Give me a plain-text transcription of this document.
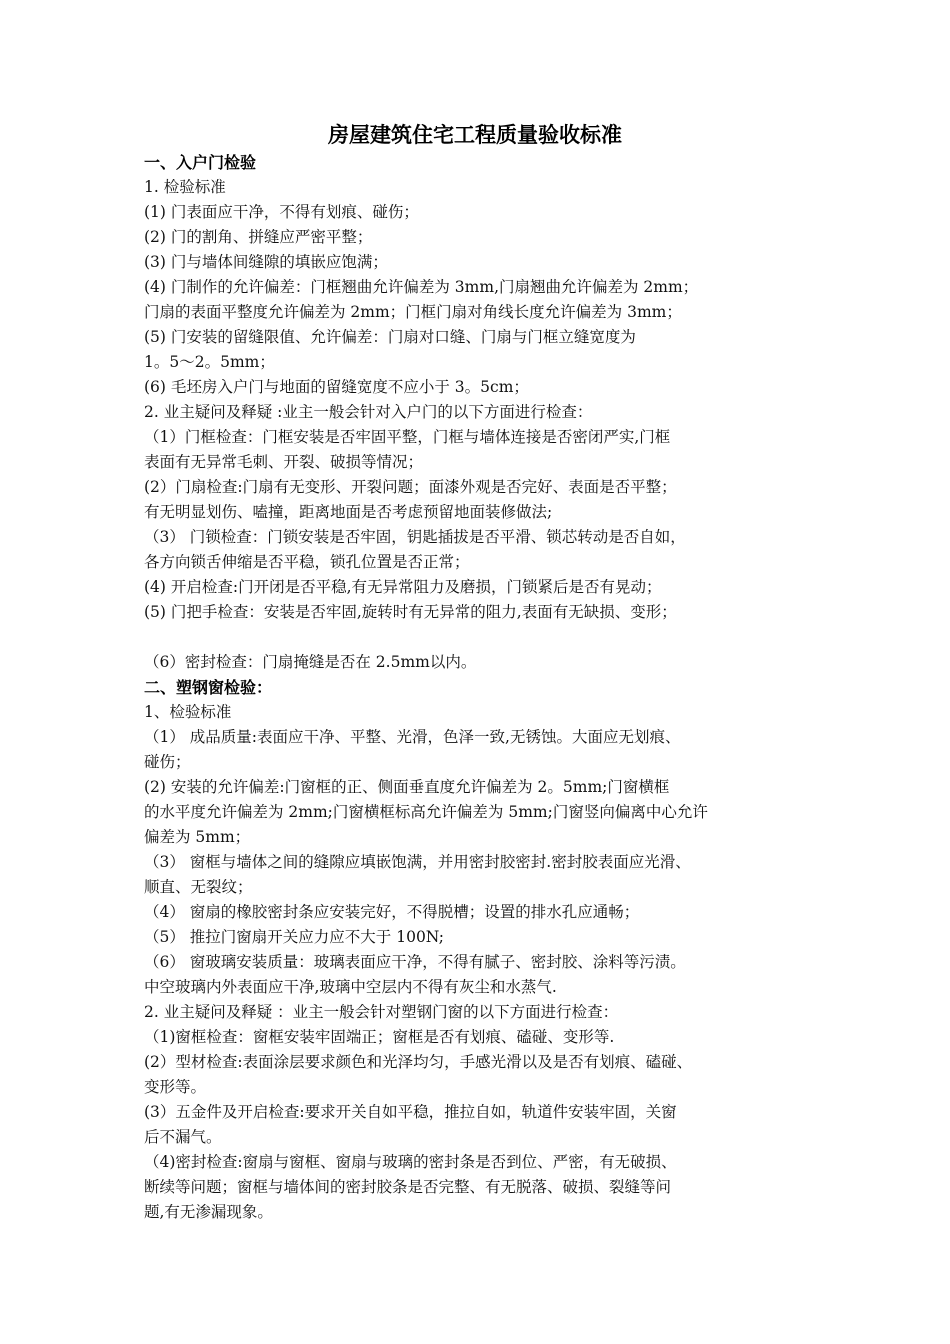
房屋建筑住宅工程质量验收标准
一、入户门检验
1. 检验标准
(1) 门表面应干净，不得有划痕、碰伤；
(2) 门的割角、拼缝应严密平整；
(3) 门与墙体间缝隙的填嵌应饱满；
(4) 门制作的允许偏差：门框翘曲允许偏差为 3mm,门扇翘曲允许偏差为 2mm；
门扇的表面平整度允许偏差为 2mm；门框门扇对角线长度允许偏差为 3mm；
(5) 门安装的留缝限值、允许偏差：门扇对口缝、门扇与门框立缝宽度为
1。5～2。5mm；
(6) 毛坯房入户门与地面的留缝宽度不应小于 3。5cm；
2. 业主疑问及释疑 :业主一般会针对入户门的以下方面进行检查：
（1）门框检查：门框安装是否牢固平整，门框与墙体连接是否密闭严实,门框
表面有无异常毛刺、开裂、破损等情况；
(2）门扇检查:门扇有无变形、开裂问题；面漆外观是否完好、表面是否平整；
有无明显划伤、嗑撞，距离地面是否考虑预留地面装修做法;
（3） 门锁检查：门锁安装是否牢固，钥匙插拔是否平滑、锁芯转动是否自如，
各方向锁舌伸缩是否平稳，锁孔位置是否正常；
(4) 开启检查:门开闭是否平稳,有无异常阻力及磨损，门锁紧后是否有晃动；
(5) 门把手检查：安装是否牢固,旋转时有无异常的阻力,表面有无缺损、变形；
（6）密封检查：门扇掩缝是否在 2.5mm以内。
二、塑钢窗检验：
1、检验标准
（1） 成品质量:表面应干净、平整、光滑，色泽一致,无锈蚀。大面应无划痕、
碰伤；
(2) 安装的允许偏差:门窗框的正、侧面垂直度允许偏差为 2。5mm;门窗横框
的水平度允许偏差为 2mm;门窗横框标高允许偏差为 5mm;门窗竖向偏离中心允许
偏差为 5mm；
（3） 窗框与墙体之间的缝隙应填嵌饱满，并用密封胶密封.密封胶表面应光滑、
顺直、无裂纹；
（4） 窗扇的橡胶密封条应安装完好，不得脱槽；设置的排水孔应通畅；
（5） 推拉门窗扇开关应力应不大于 100N;
（6） 窗玻璃安装质量：玻璃表面应干净，不得有腻子、密封胶、涂料等污渍。
中空玻璃内外表面应干净,玻璃中空层内不得有灰尘和水蒸气.
2. 业主疑问及释疑 ：业主一般会针对塑钢门窗的以下方面进行检查：
（1)窗框检查：窗框安装牢固端正；窗框是否有划痕、磕碰、变形等.
(2）型材检查:表面涂层要求颜色和光泽均匀，手感光滑以及是否有划痕、磕碰、
变形等。
(3）五金件及开启检查:要求开关自如平稳，推拉自如，轨道件安装牢固，关窗
后不漏气。
（4)密封检查:窗扇与窗框、窗扇与玻璃的密封条是否到位、严密，有无破损、
断续等问题；窗框与墙体间的密封胶条是否完整、有无脱落、破损、裂缝等问
题,有无渗漏现象。
